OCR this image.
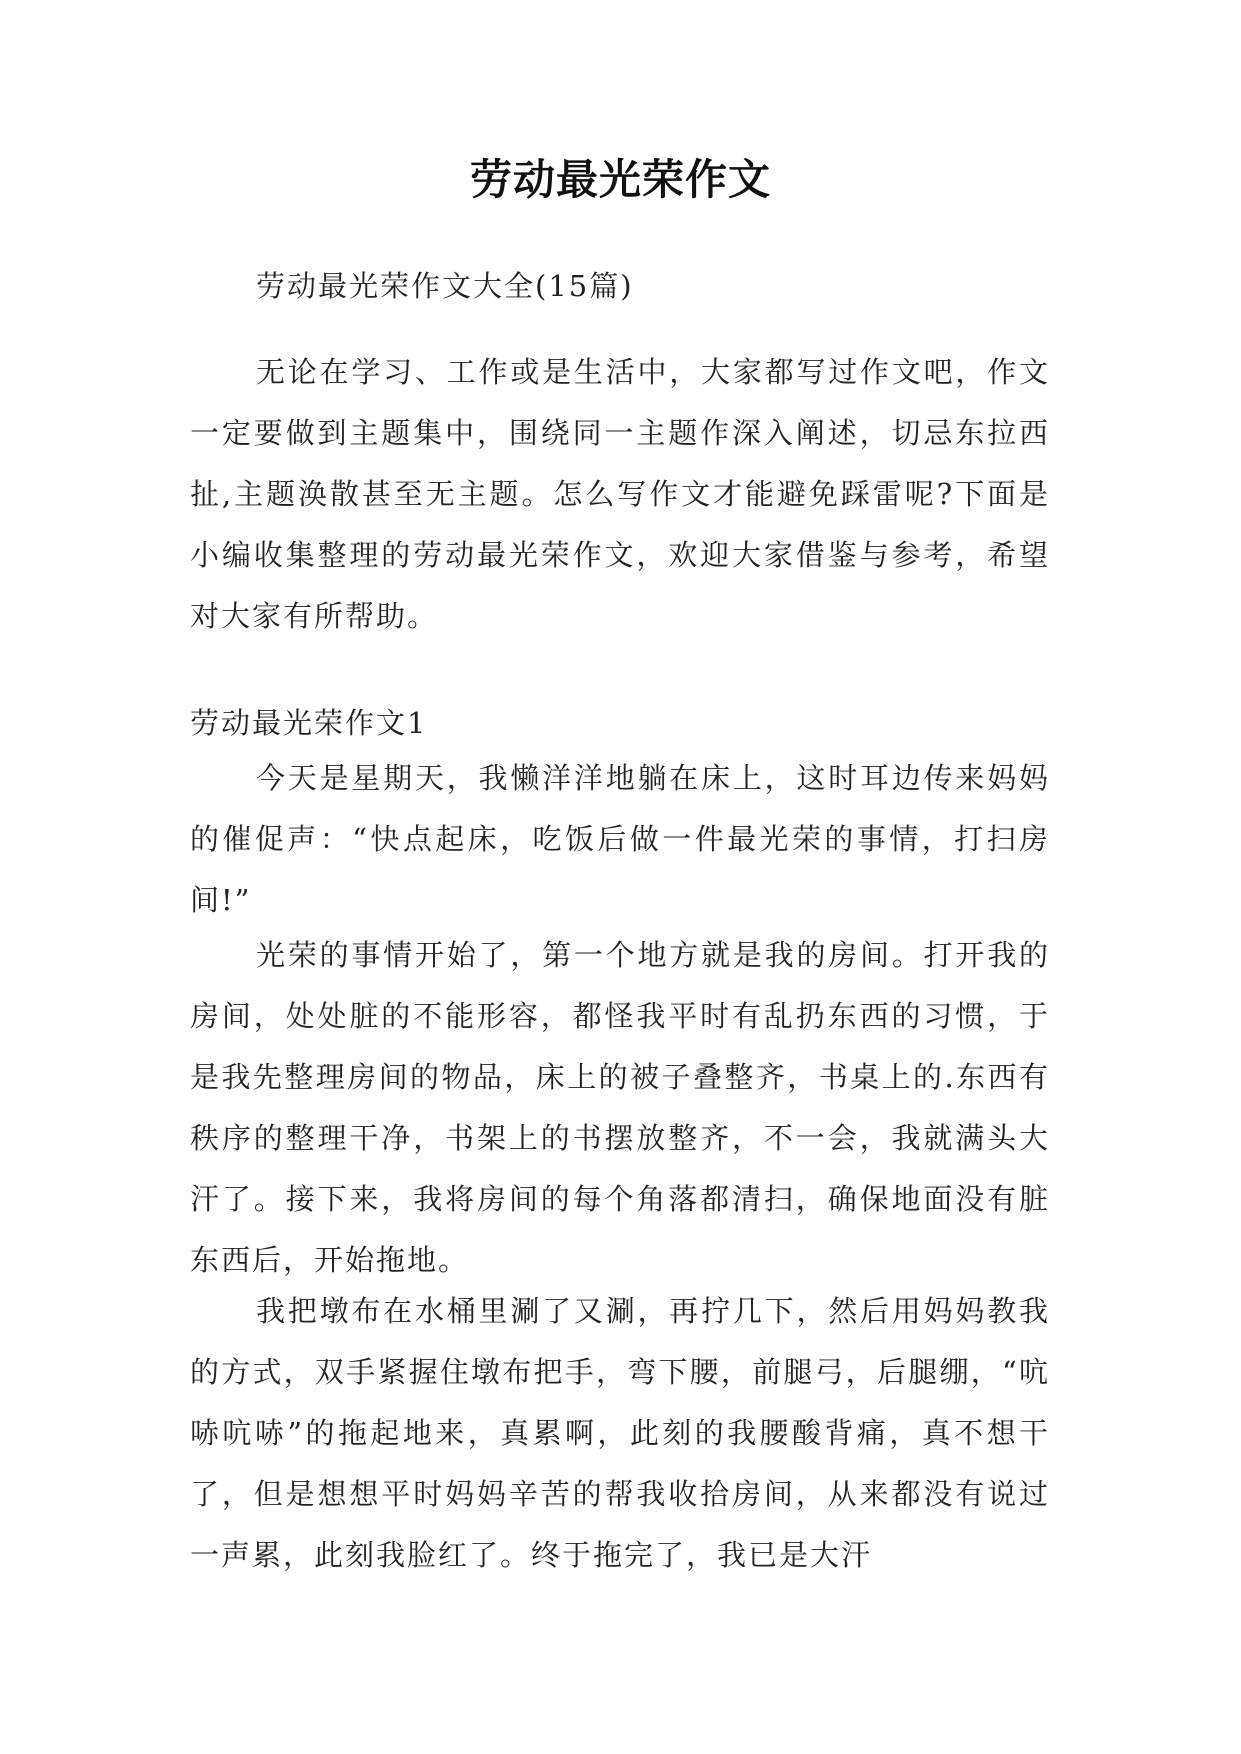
劳动最光荣作文
劳动最光荣作文大全(15篇)
无论在学习、工作或是生活中，大家都写过作文吧，作文一定要做到主题集中，围绕同一主题作深入阐述，切忌东拉西扯,主题涣散甚至无主题。怎么写作文才能避免踩雷呢?下面是小编收集整理的劳动最光荣作文，欢迎大家借鉴与参考，希望对大家有所帮助。
劳动最光荣作文1
今天是星期天，我懒洋洋地躺在床上，这时耳边传来妈妈的催促声：“快点起床，吃饭后做一件最光荣的事情，打扫房间!”
光荣的事情开始了，第一个地方就是我的房间。打开我的房间，处处脏的不能形容，都怪我平时有乱扔东西的习惯，于是我先整理房间的物品，床上的被子叠整齐，书桌上的.东西有秩序的整理干净，书架上的书摆放整齐，不一会，我就满头大汗了。接下来，我将房间的每个角落都清扫，确保地面没有脏东西后，开始拖地。
我把墩布在水桶里涮了又涮，再拧几下，然后用妈妈教我的方式，双手紧握住墩布把手，弯下腰，前腿弓，后腿绷，“吭哧吭哧”的拖起地来，真累啊，此刻的我腰酸背痛，真不想干了，但是想想平时妈妈辛苦的帮我收拾房间，从来都没有说过一声累，此刻我脸红了。终于拖完了，我已是大汗
